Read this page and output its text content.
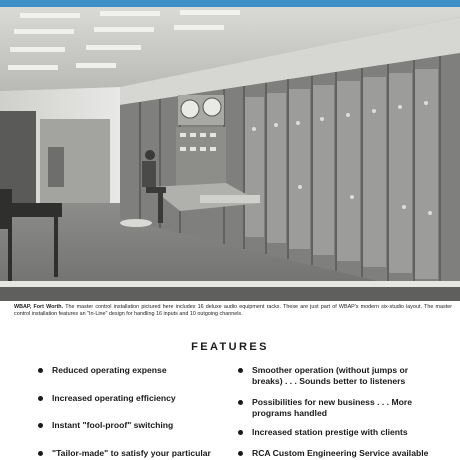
WBAP, Fort Worth. The master control installation pictured here includes 16 deluxe audio equipment racks. These are just part of WBAP's modern six-studio layout. The master control installation features an "In-Line" design for handling 16 inputs and 10 outgoing channels.
FEATURES
Reduced operating expense
Increased operating efficiency
Instant "fool-proof" switching
"Tailor-made" to satisfy your particular
Smoother operation (without jumps or
breaks) . . . Sounds better to listeners
Possibilities for new business . . . More
programs handled
Increased station prestige with clients
RCA Custom Engineering Service available
